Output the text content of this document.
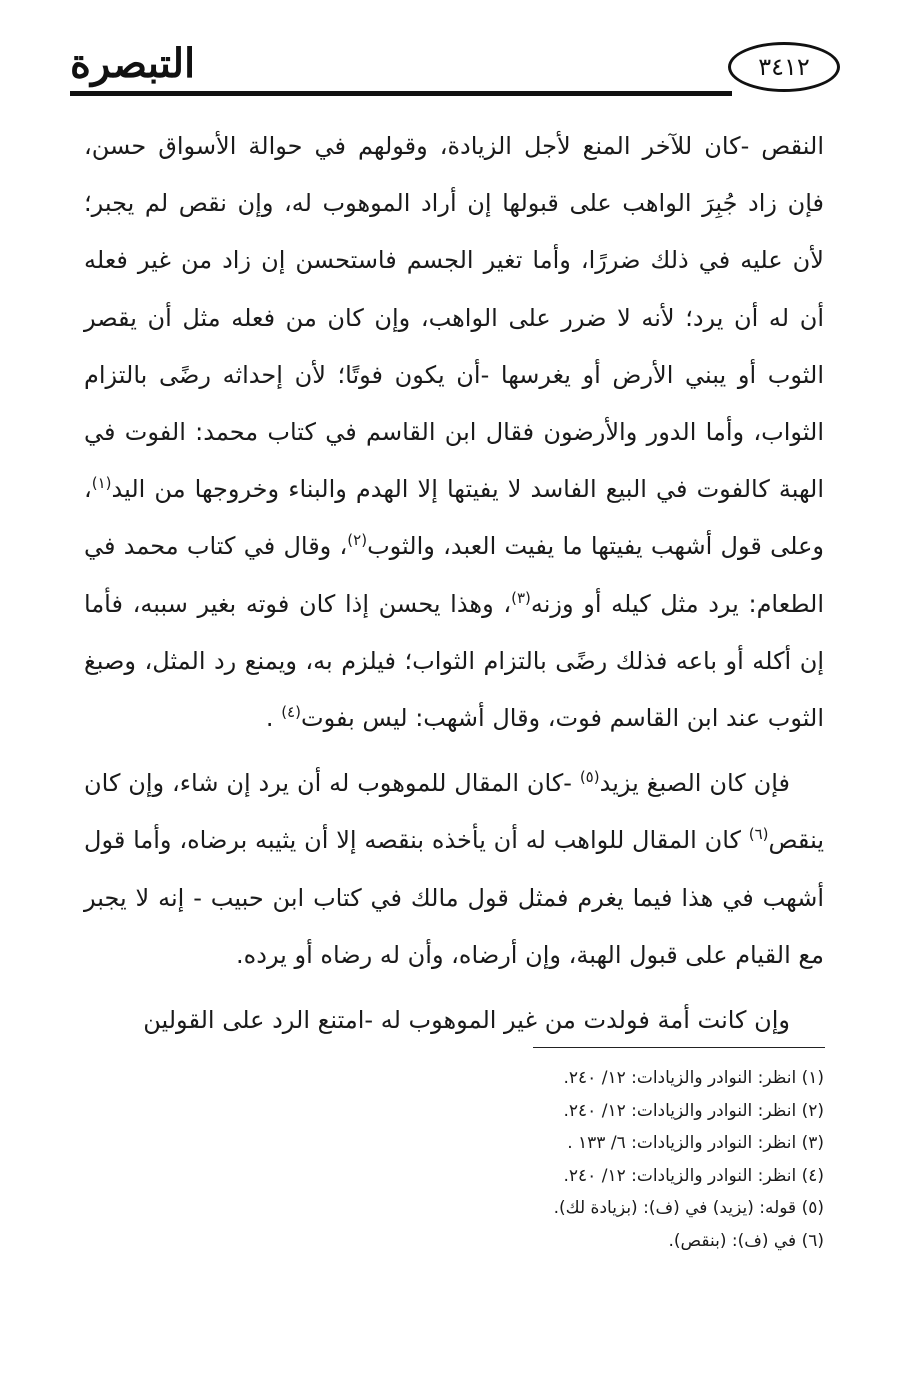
التبصرة	٣٤١٢

النقص -كان للآخر المنع لأجل الزيادة، وقولهم في حوالة الأسواق حسن، فإن زاد جُبِرَ الواهب على قبولها إن أراد الموهوب له، وإن نقص لم يجبر؛ لأن عليه في ذلك ضررًا، وأما تغير الجسم فاستحسن إن زاد من غير فعله أن له أن يرد؛ لأنه لا ضرر على الواهب، وإن كان من فعله مثل أن يقصر الثوب أو يبني الأرض أو يغرسها -أن يكون فوتًا؛ لأن إحداثه رضًى بالتزام الثواب، وأما الدور والأرضون فقال ابن القاسم في كتاب محمد: الفوت في الهبة كالفوت في البيع الفاسد لا يفيتها إلا الهدم والبناء وخروجها من اليد$^{(١)}$، وعلى قول أشهب يفيتها ما يفيت العبد، والثوب$^{(٢)}$، وقال في كتاب محمد في الطعام: يرد مثل كيله أو وزنه$^{(٣)}$، وهذا يحسن إذا كان فوته بغير سببه، فأما إن أكله أو باعه فذلك رضًى بالتزام الثواب؛ فيلزم به، ويمنع رد المثل، وصبغ الثوب عند ابن القاسم فوت، وقال أشهب: ليس بفوت$^{(٤)}$ .

فإن كان الصبغ يزيد$^{(٥)}$ -كان المقال للموهوب له أن يرد إن شاء، وإن كان ينقص$^{(٦)}$ كان المقال للواهب له أن يأخذه بنقصه إلا أن يثيبه برضاه، وأما قول أشهب في هذا فيما يغرم فمثل قول مالك في كتاب ابن حبيب - إنه لا يجبر مع القيام على قبول الهبة، وإن أرضاه، وأن له رضاه أو يرده.

وإن كانت أمة فولدت من غير الموهوب له -امتنع الرد على القولين

(١) انظر: النوادر والزيادات: ١٢/ ٢٤٠.

(٢) انظر: النوادر والزيادات: ١٢/ ٢٤٠.

(٣) انظر: النوادر والزيادات: ٦/ ١٣٣ .

(٤) انظر: النوادر والزيادات: ١٢/ ٢٤٠.

(٥) قوله: (يزيد) في (ف): (بزيادة لك).

(٦) في (ف): (بنقص).
